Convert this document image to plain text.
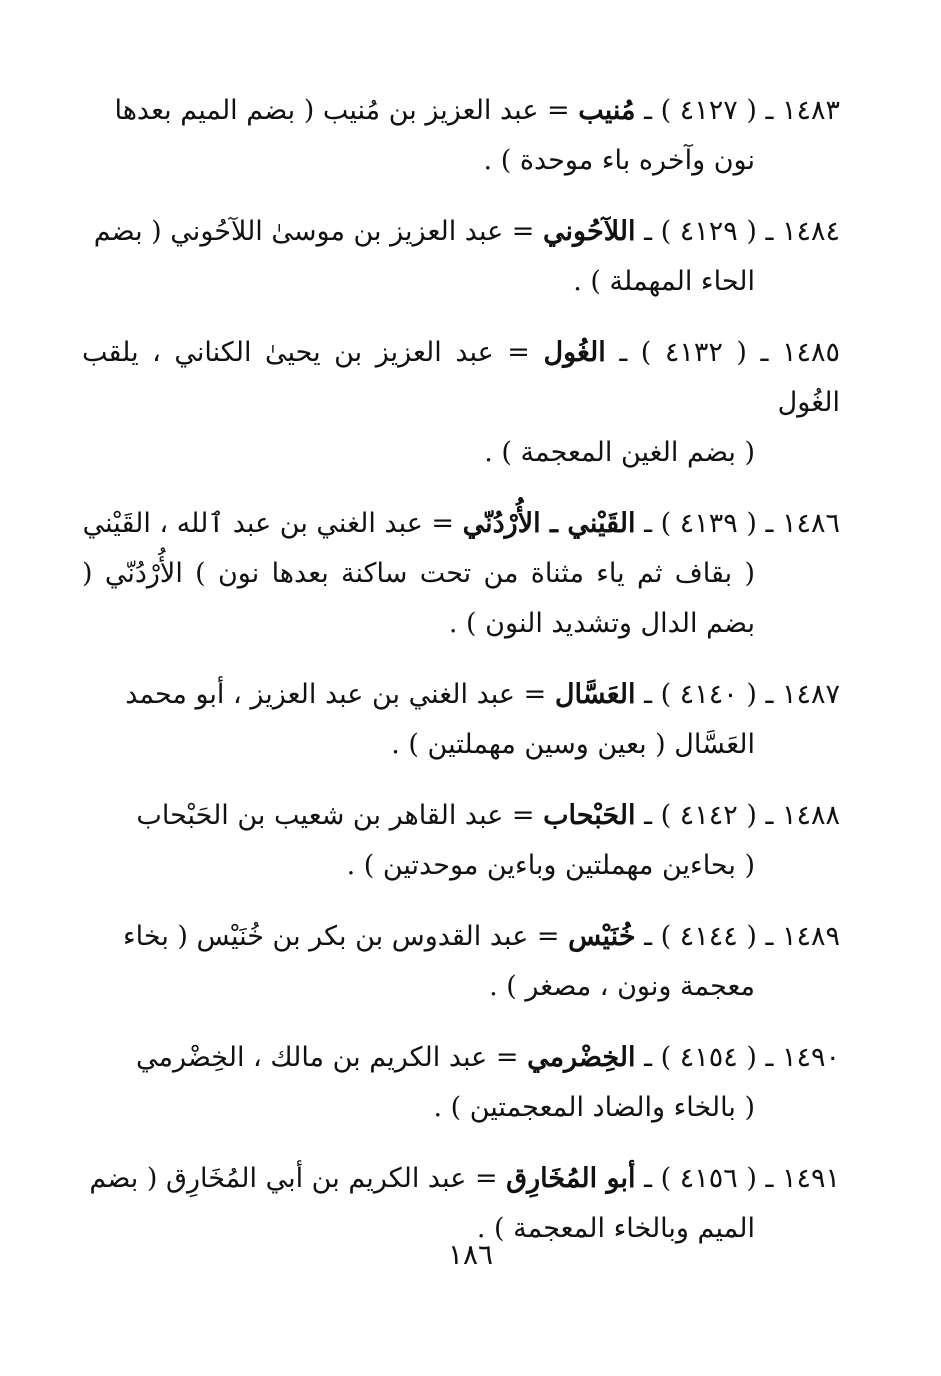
١٤٨٣ ـ ( ٤١٢٧ ) ـ مُنيب = عبد العزيز بن مُنيب ( بضم الميم بعدها
نون وآخره باء موحدة ) .
١٤٨٤ ـ ( ٤١٢٩ ) ـ اللآحُوني = عبد العزيز بن موسىٰ اللآحُوني ( بضم
الحاء المهملة ) .
١٤٨٥ ـ ( ٤١٣٢ ) ـ الغُول = عبد العزيز بن يحيىٰ الكناني ، يلقب الغُول
( بضم الغين المعجمة ) .
١٤٨٦ ـ ( ٤١٣٩ ) ـ القَيْني ـ الأُرْدُنّي = عبد الغني بن عبد ٱلله ، القَيْني
( بقاف ثم ياء مثناة من تحت ساكنة بعدها نون ) الأُرْدُنّي ( بضم الدال وتشديد النون ) .
١٤٨٧ ـ ( ٤١٤٠ ) ـ العَسَّال = عبد الغني بن عبد العزيز ، أبو محمد
العَسَّال ( بعين وسين مهملتين ) .
١٤٨٨ ـ ( ٤١٤٢ ) ـ الحَبْحاب = عبد القاهر بن شعيب بن الحَبْحاب
( بحاءين مهملتين وباءين موحدتين ) .
١٤٨٩ ـ ( ٤١٤٤ ) ـ خُنَيْس = عبد القدوس بن بكر بن خُنَيْس ( بخاء
معجمة ونون ، مصغر ) .
١٤٩٠ ـ ( ٤١٥٤ ) ـ الخِضْرمي = عبد الكريم بن مالك ، الخِضْرمي
( بالخاء والضاد المعجمتين ) .
١٤٩١ ـ ( ٤١٥٦ ) ـ أبو المُخَارِق = عبد الكريم بن أبي المُخَارِق ( بضم
الميم وبالخاء المعجمة ) .
١٨٦
